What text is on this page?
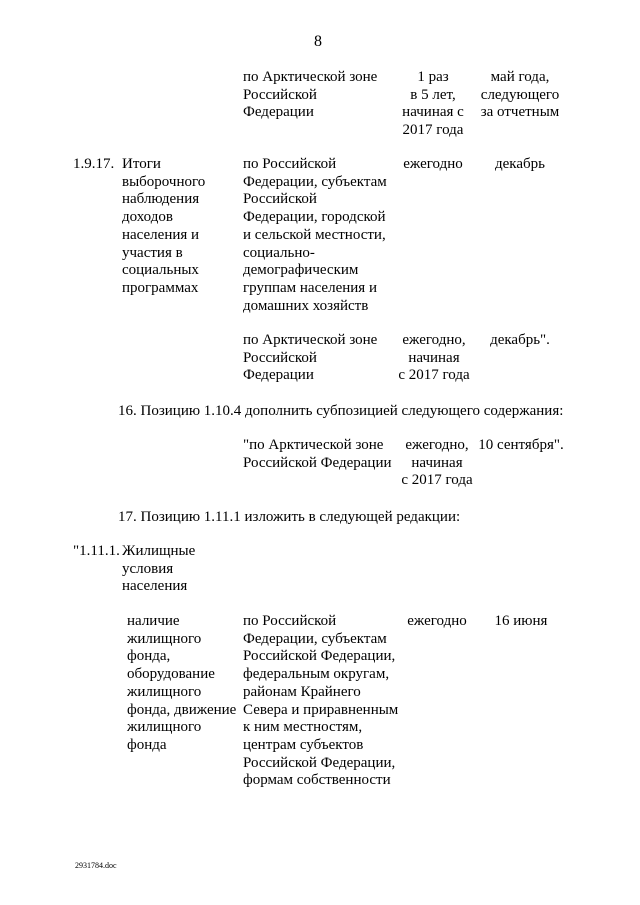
8
по Арктической зоне
Российской
Федерации
1 раз
в 5 лет,
начиная с
2017 года
май года,
следующего
за отчетным
1.9.17. Итоги
выборочного
наблюдения
доходов
населения и
участия в
социальных
программах
по Российской
Федерации, субъектам
Российской
Федерации, городской
и сельской местности,
социально-
демографическим
группам населения и
домашних хозяйств
ежегодно	декабрь
по Арктической зоне
Российской
Федерации
ежегодно,
начиная
с 2017 года
декабрь".
16. Позицию 1.10.4 дополнить субпозицией следующего содержания:
"по Арктической зоне
Российской Федерации
ежегодно,
начиная
с 2017 года
10 сентября".
17. Позицию 1.11.1 изложить в следующей редакции:
"1.11.1. Жилищные
условия
населения
наличие
жилищного
фонда,
оборудование
жилищного
фонда, движение
жилищного
фонда
по Российской
Федерации, субъектам
Российской Федерации,
федеральным округам,
районам Крайнего
Севера и приравненным
к ним местностям,
центрам субъектов
Российской Федерации,
формам собственности
ежегодно	16 июня
2931784.doc
